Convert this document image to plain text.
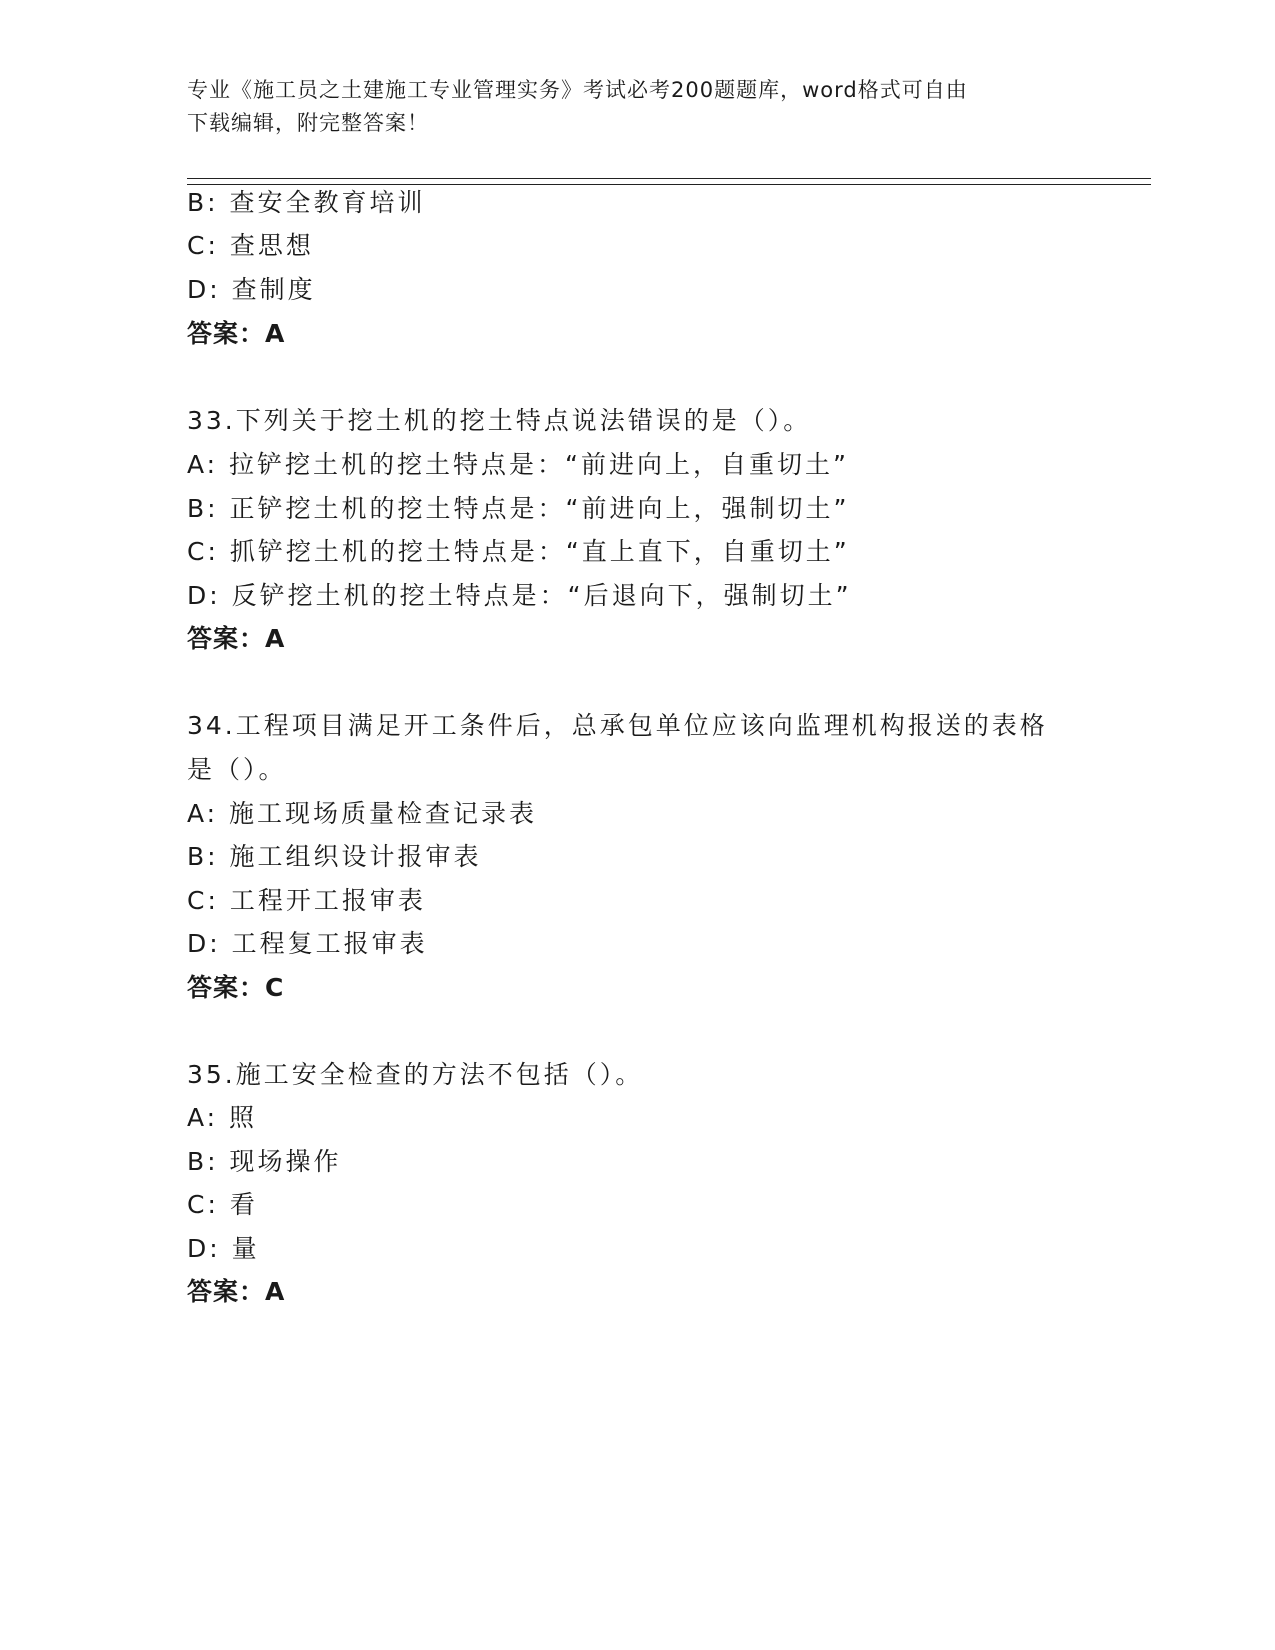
专业《施工员之土建施工专业管理实务》考试必考200题题库，word格式可自由
下载编辑，附完整答案！
B: 查安全教育培训
C: 查思想
D: 查制度
答案：A
33.下列关于挖土机的挖土特点说法错误的是（）。
A: 拉铲挖土机的挖土特点是：“前进向上，自重切土”
B: 正铲挖土机的挖土特点是：“前进向上，强制切土”
C: 抓铲挖土机的挖土特点是：“直上直下，自重切土”
D: 反铲挖土机的挖土特点是：“后退向下，强制切土”
答案：A
34.工程项目满足开工条件后，总承包单位应该向监理机构报送的表格
是（）。
A: 施工现场质量检查记录表
B: 施工组织设计报审表
C: 工程开工报审表
D: 工程复工报审表
答案：C
35.施工安全检查的方法不包括（）。
A: 照
B: 现场操作
C: 看
D: 量
答案：A
